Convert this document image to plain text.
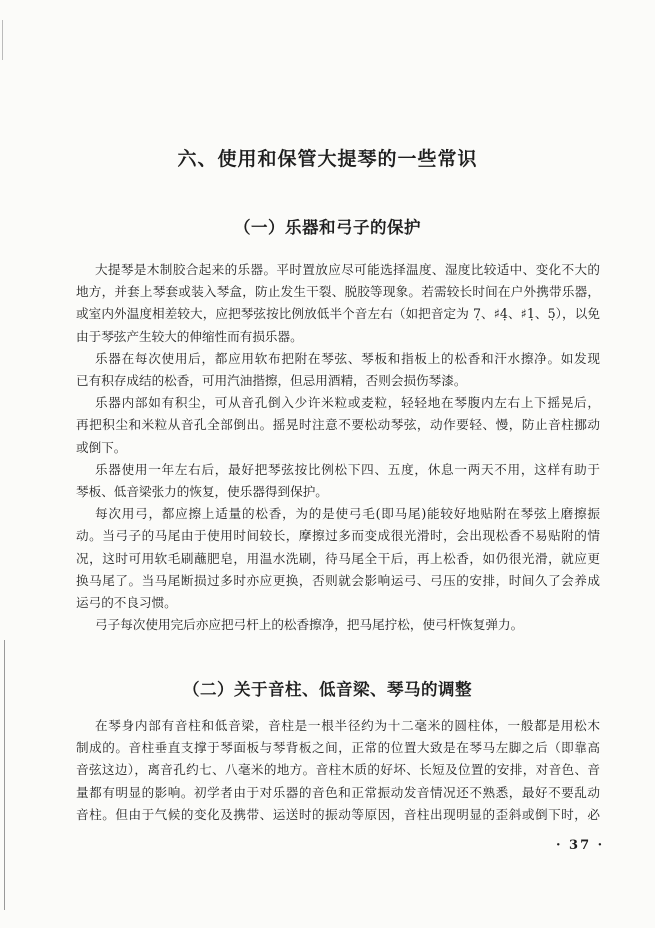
六、使用和保管大提琴的一些常识
（一）乐器和弓子的保护
大提琴是木制胶合起来的乐器。平时置放应尽可能选择温度、湿度比较适中、变化不大的
地方，并套上琴套或装入琴盒，防止发生干裂、脱胶等现象。若需较长时间在户外携带乐器，
或室内外温度相差较大，应把琴弦按比例放低半个音左右（如把音定为 7̣、♯4̣、♯1̣、5̣），以免
由于琴弦产生较大的伸缩性而有损乐器。
乐器在每次使用后，都应用软布把附在琴弦、琴板和指板上的松香和汗水擦净。如发现
已有积存成结的松香，可用汽油揩擦，但忌用酒精，否则会损伤琴漆。
乐器内部如有积尘，可从音孔倒入少许米粒或麦粒，轻轻地在琴腹内左右上下摇晃后，
再把积尘和米粒从音孔全部倒出。摇晃时注意不要松动琴弦，动作要轻、慢，防止音柱挪动
或倒下。
乐器使用一年左右后，最好把琴弦按比例松下四、五度，休息一两天不用，这样有助于
琴板、低音梁张力的恢复，使乐器得到保护。
每次用弓，都应擦上适量的松香，为的是使弓毛(即马尾)能较好地贴附在琴弦上磨擦振
动。当弓子的马尾由于使用时间较长，摩擦过多而变成很光滑时，会出现松香不易贴附的情
况，这时可用软毛刷蘸肥皂，用温水洗刷，待马尾全干后，再上松香，如仍很光滑，就应更
换马尾了。当马尾断损过多时亦应更换，否则就会影响运弓、弓压的安排，时间久了会养成
运弓的不良习惯。
弓子每次使用完后亦应把弓杆上的松香擦净，把马尾拧松，使弓杆恢复弹力。
（二）关于音柱、低音梁、琴马的调整
在琴身内部有音柱和低音梁，音柱是一根半径约为十二毫米的圆柱体，一般都是用松木
制成的。音柱垂直支撑于琴面板与琴背板之间，正常的位置大致是在琴马左脚之后（即靠高
音弦这边），离音孔约七、八毫米的地方。音柱木质的好坏、长短及位置的安排，对音色、音
量都有明显的影响。初学者由于对乐器的音色和正常振动发音情况还不熟悉，最好不要乱动
音柱。但由于气候的变化及携带、运送时的振动等原因，音柱出现明显的歪斜或倒下时，必
· 37 ·
